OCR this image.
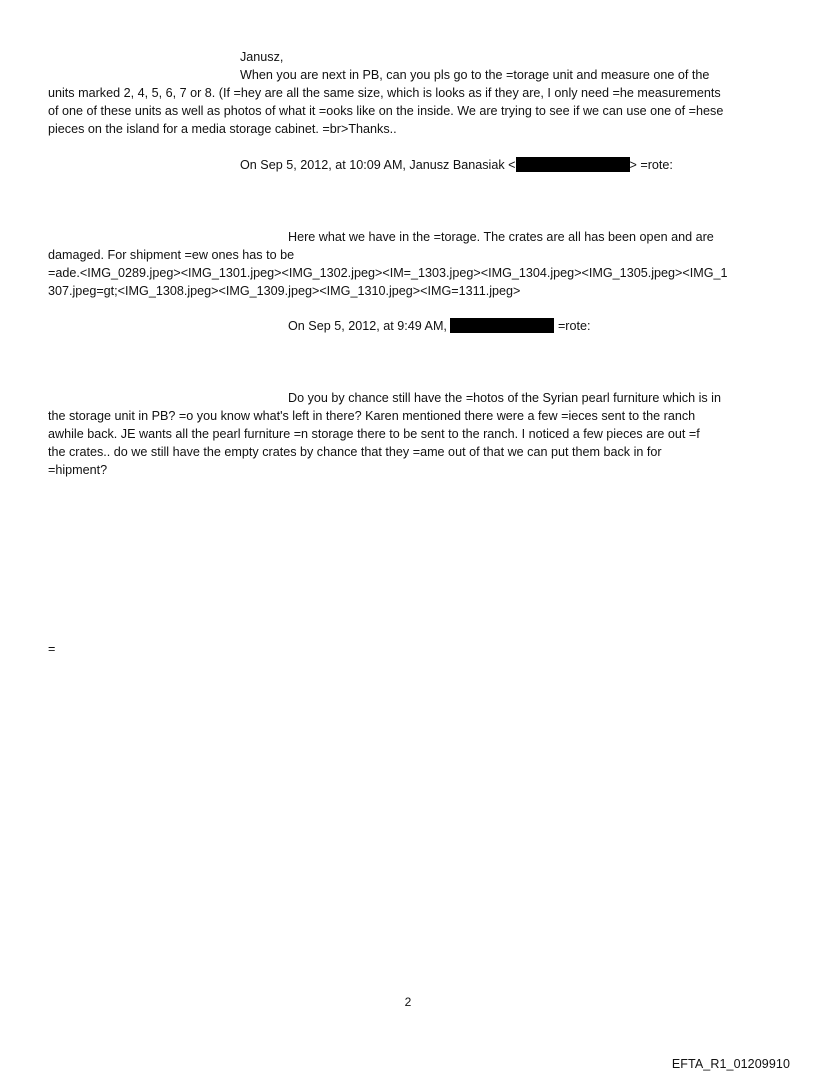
Janusz,
When you are next in PB, can you pls go to the =torage unit and measure one of the
units marked 2, 4, 5, 6, 7 or 8. (If =hey are all the same size, which is looks as if they are, I only need =he measurements
of one of these units as well as photos of what it =ooks like on the inside. We are trying to see if we can use one of =hese
pieces on the island for a media storage cabinet. =br>Thanks..
On Sep 5, 2012, at 10:09 AM, Janusz Banasiak <	> =rote:
Here what we have in the =torage. The crates are all has been open and are
damaged. For shipment =ew ones has to be
=ade.<IMG_0289.jpeg><IMG_1301.jpeg><IMG_1302.jpeg><IM=_1303.jpeg><IMG_1304.jpeg><IMG_1305.jpeg><IMG_1
307.jpeg=gt;<IMG_1308.jpeg><IMG_1309.jpeg><IMG_1310.jpeg><IMG=1311.jpeg>
On Sep 5, 2012, at 9:49 AM,	=rote:
Do you by chance still have the =hotos of the Syrian pearl furniture which is in
the storage unit in PB? =o you know what's left in there? Karen mentioned there were a few =ieces sent to the ranch
awhile back. JE wants all the pearl furniture =n storage there to be sent to the ranch. I noticed a few pieces are out =f
the crates.. do we still have the empty crates by chance that they =ame out of that we can put them back in for
=hipment?
=
2
EFTA_R1_01209910
